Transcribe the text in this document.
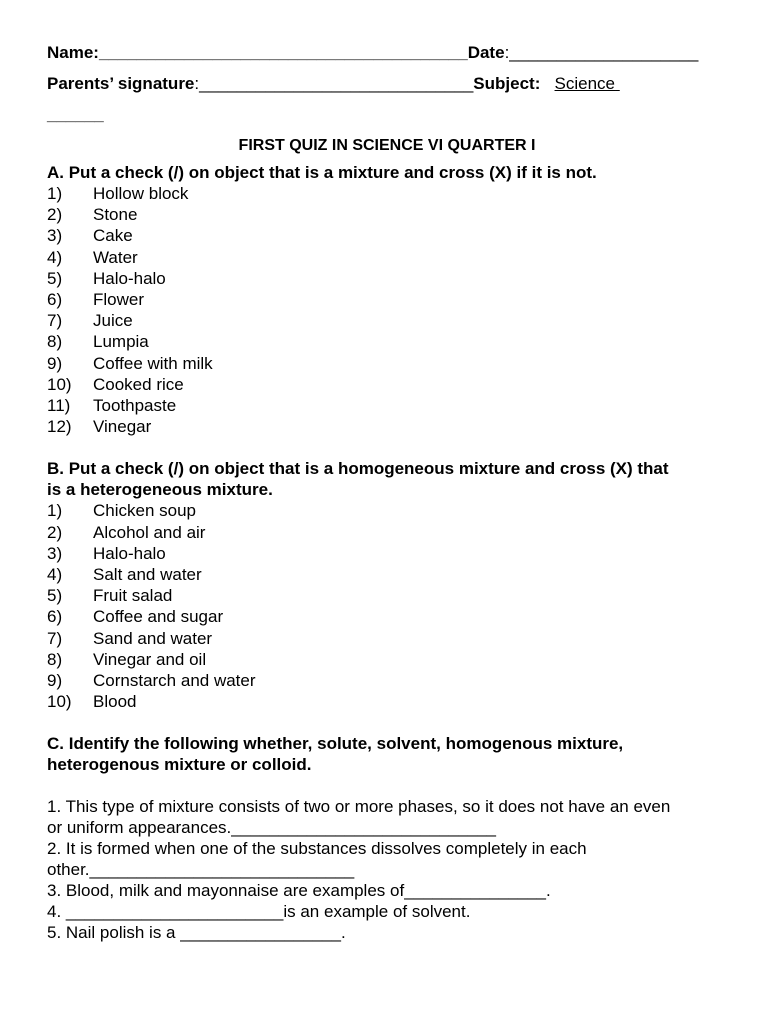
Name:_______________________________________Date:____________________
Parents’ signature:_____________________________Subject: Science
______
FIRST QUIZ IN SCIENCE VI QUARTER I
A. Put a check (/) on object that is a mixture and cross (X) if it is not.
1)	Hollow block
2)	Stone
3)	Cake
4)	Water
5)	Halo-halo
6)	Flower
7)	Juice
8)	Lumpia
9)	Coffee with milk
10)	Cooked rice
11)	Toothpaste
12)	Vinegar
B. Put a check (/) on object that is a homogeneous mixture and cross (X) that
is a heterogeneous mixture.
1)	Chicken soup
2)	Alcohol and air
3)	Halo-halo
4)	Salt and water
5)	Fruit salad
6)	Coffee and sugar
7)	Sand and water
8)	Vinegar and oil
9)	Cornstarch and water
10)	Blood
C. Identify the following whether, solute, solvent, homogenous mixture,
heterogenous mixture or colloid.
1. This type of mixture consists of two or more phases, so it does not have an even
or uniform appearances.____________________________
2. It is formed when one of the substances dissolves completely in each
other.____________________________
3. Blood, milk and mayonnaise are examples of_______________.
4. _______________________is an example of solvent.
5. Nail polish is a _________________.
